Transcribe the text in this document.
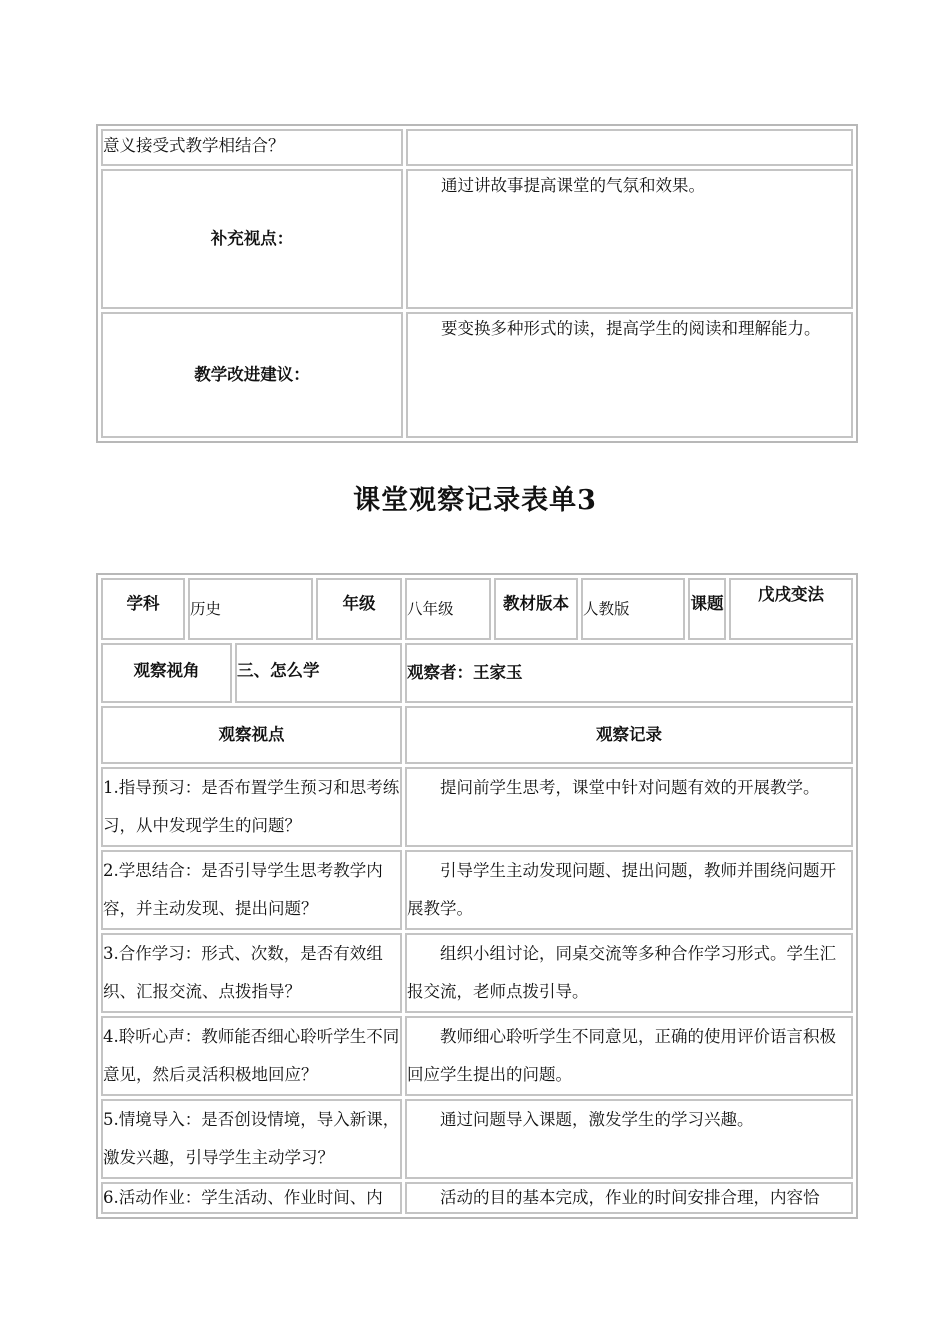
意义接受式教学相结合？	
补充视点：	通过讲故事提高课堂的气氛和效果。
教学改进建议：	要变换多种形式的读，提高学生的阅读和理解能力。
课堂观察记录表单3
学科	历史		年级	八年级	教材版本	人教版	课题	戊戌变法
观察视角		三、怎么学		观察者：王家玉				
观察视点				观察记录				
1.指导预习：是否布置学生预习和思考练习，从中发现学生的问题？				提问前学生思考，课堂中针对问题有效的开展教学。				
2.学思结合：是否引导学生思考教学内容，并主动发现、提出问题？				引导学生主动发现问题、提出问题，教师并围绕问题开展教学。				
3.合作学习：形式、次数，是否有效组织、汇报交流、点拨指导？				组织小组讨论，同桌交流等多种合作学习形式。学生汇报交流，老师点拨引导。				
4.聆听心声：教师能否细心聆听学生不同意见，然后灵活积极地回应？				教师细心聆听学生不同意见，正确的使用评价语言积极回应学生提出的问题。				
5.情境导入：是否创设情境，导入新课，激发兴趣，引导学生主动学习？				通过问题导入课题，激发学生的学习兴趣。				
6.活动作业：学生活动、作业时间、内				活动的目的基本完成，作业的时间安排合理，内容恰				
